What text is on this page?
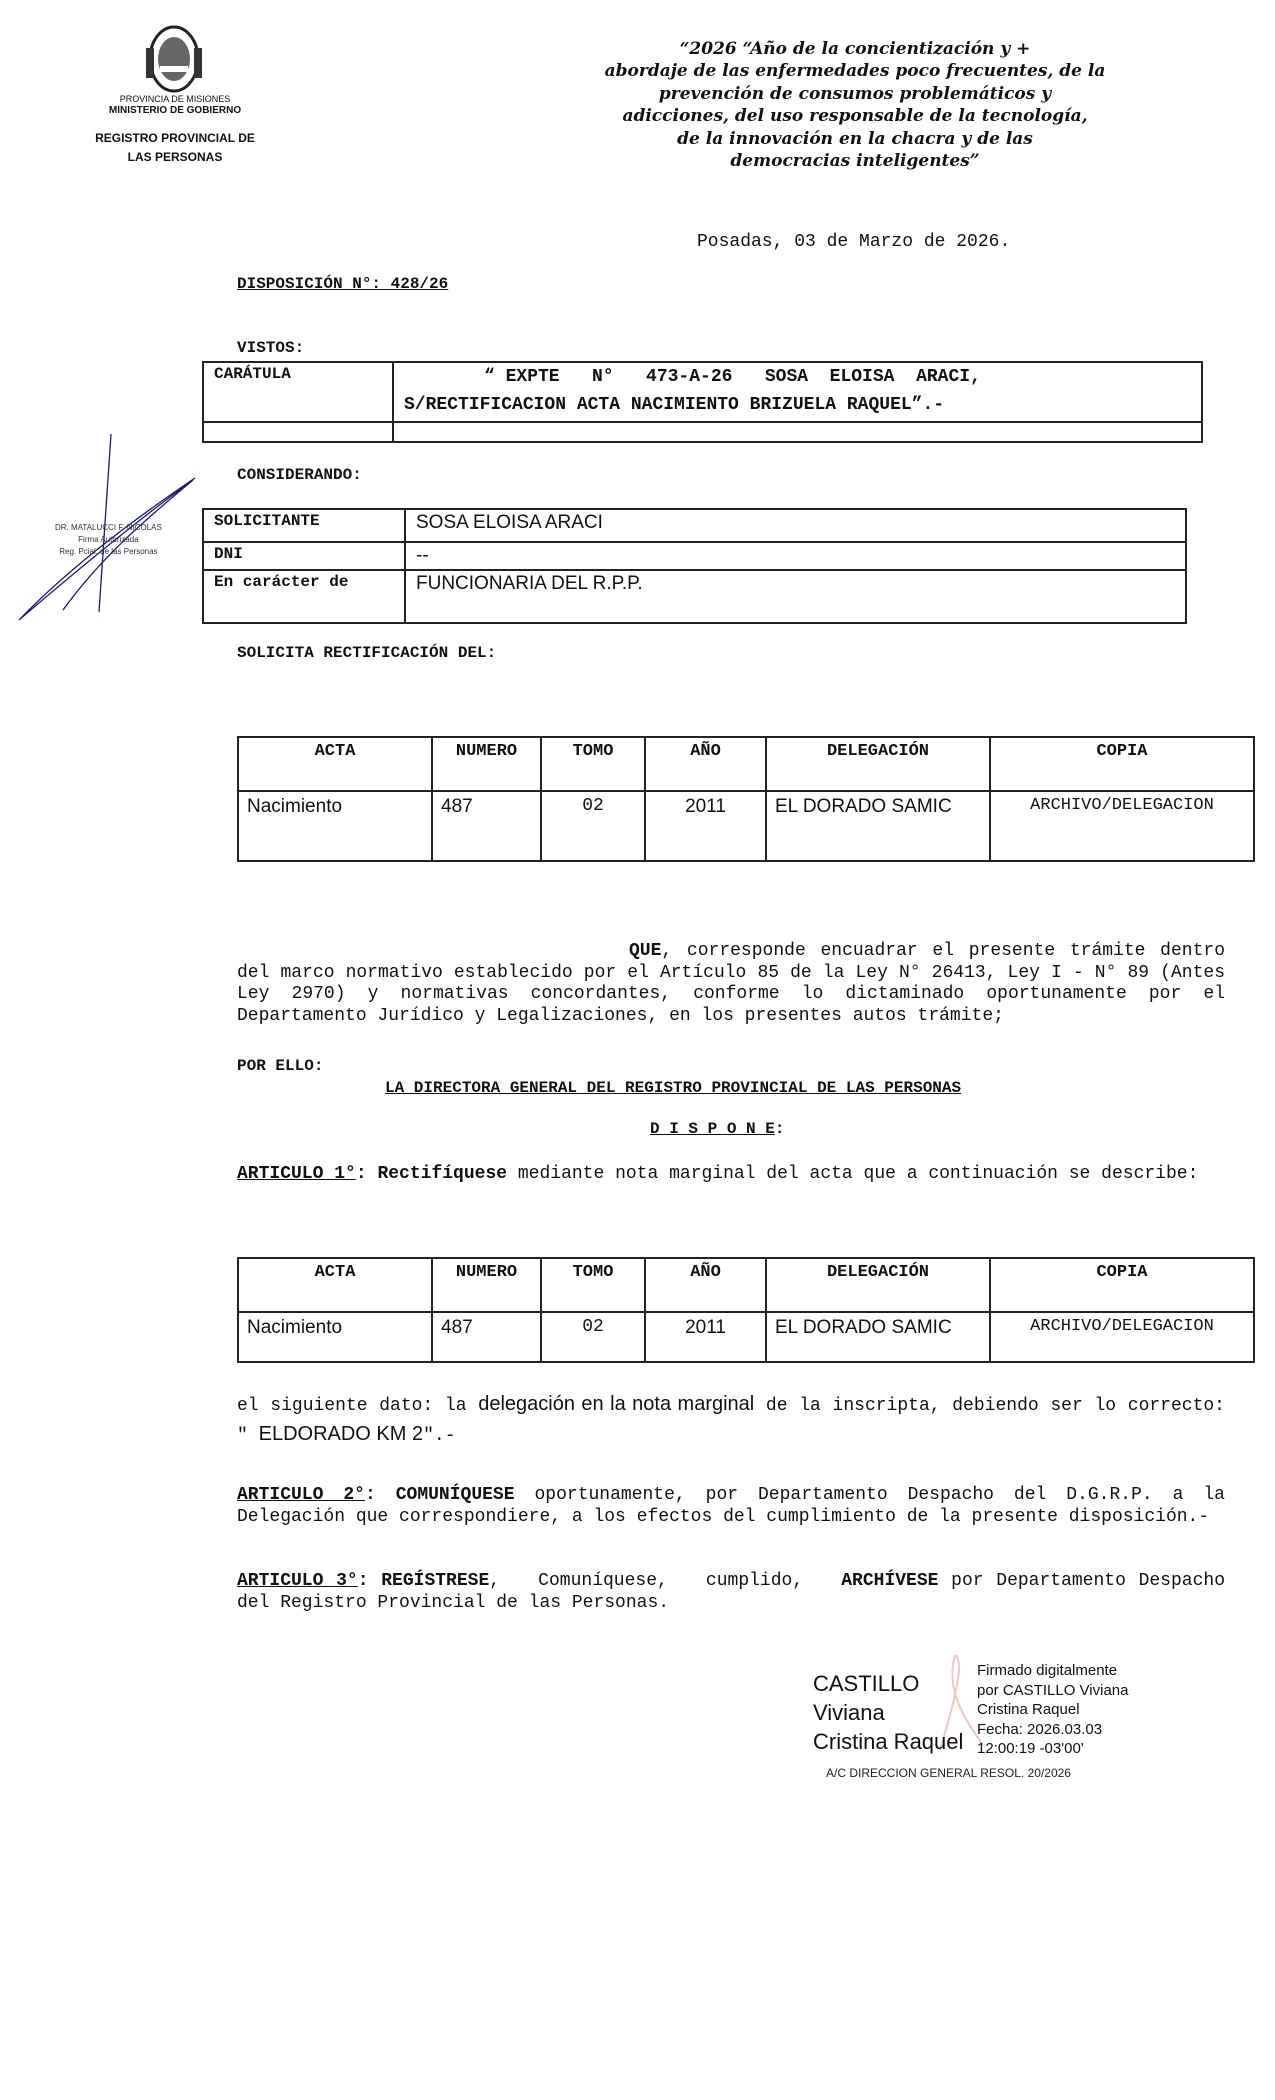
PROVINCIA DE MISIONES
MINISTERIO DE GOBIERNO
REGISTRO PROVINCIAL DE
LAS PERSONAS
“2026 “Año de la concientización y +
abordaje de las enfermedades poco frecuentes, de la
prevención de consumos problemáticos y
adicciones, del uso responsable de la tecnología,
de la innovación en la chacra y de las
democracias inteligentes”
Posadas, 03 de Marzo de 2026.
DISPOSICIÓN N°: 428/26
VISTOS:
CARÁTULA	“ EXPTE   N°   473-A-26   SOSA  ELOISA  ARACI,
S/RECTIFICACION ACTA NACIMIENTO BRIZUELA RAQUEL”.-

DR. MATALUCCI F. NICOLAS
Firma Autorizada
Reg. Pcial. de las Personas
CONSIDERANDO:
SOLICITANTE	SOSA ELOISA ARACI
DNI	--
En carácter de	FUNCIONARIA DEL R.P.P.
SOLICITA RECTIFICACIÓN DEL:
ACTA	NUMERO	TOMO	AÑO	DELEGACIÓN	COPIA
Nacimiento	487	02	2011	EL DORADO SAMIC	ARCHIVO/DELEGACION
QUE, corresponde encuadrar el presente trámite dentro del marco normativo establecido por el Artículo 85 de la Ley N° 26413, Ley I - N° 89 (Antes Ley 2970) y normativas concordantes, conforme lo dictaminado oportunamente por el Departamento Jurídico y Legalizaciones, en los presentes autos trámite;
POR ELLO:
LA DIRECTORA GENERAL DEL REGISTRO PROVINCIAL DE LAS PERSONAS
D I S P O N E:
ARTICULO 1°: Rectifíquese mediante nota marginal del acta que a continuación se describe:
ACTA	NUMERO	TOMO	AÑO	DELEGACIÓN	COPIA
Nacimiento	487	02	2011	EL DORADO SAMIC	ARCHIVO/DELEGACION
el siguiente dato: la delegación en la nota marginal de la inscripta, debiendo ser lo correcto: " ELDORADO KM 2".-
ARTICULO 2°: COMUNÍQUESE oportunamente, por Departamento Despacho del D.G.R.P. a la Delegación que correspondiere, a los efectos del cumplimiento de la presente disposición.-
ARTICULO 3°: REGÍSTRESE,   Comuníquese,   cumplido,   ARCHÍVESE por Departamento Despacho del Registro Provincial de las Personas.
CASTILLO
Viviana
Cristina Raquel
Firmado digitalmente
por CASTILLO Viviana
Cristina Raquel
Fecha: 2026.03.03
12:00:19 -03'00'
A/C DIRECCION GENERAL RESOL. 20/2026
